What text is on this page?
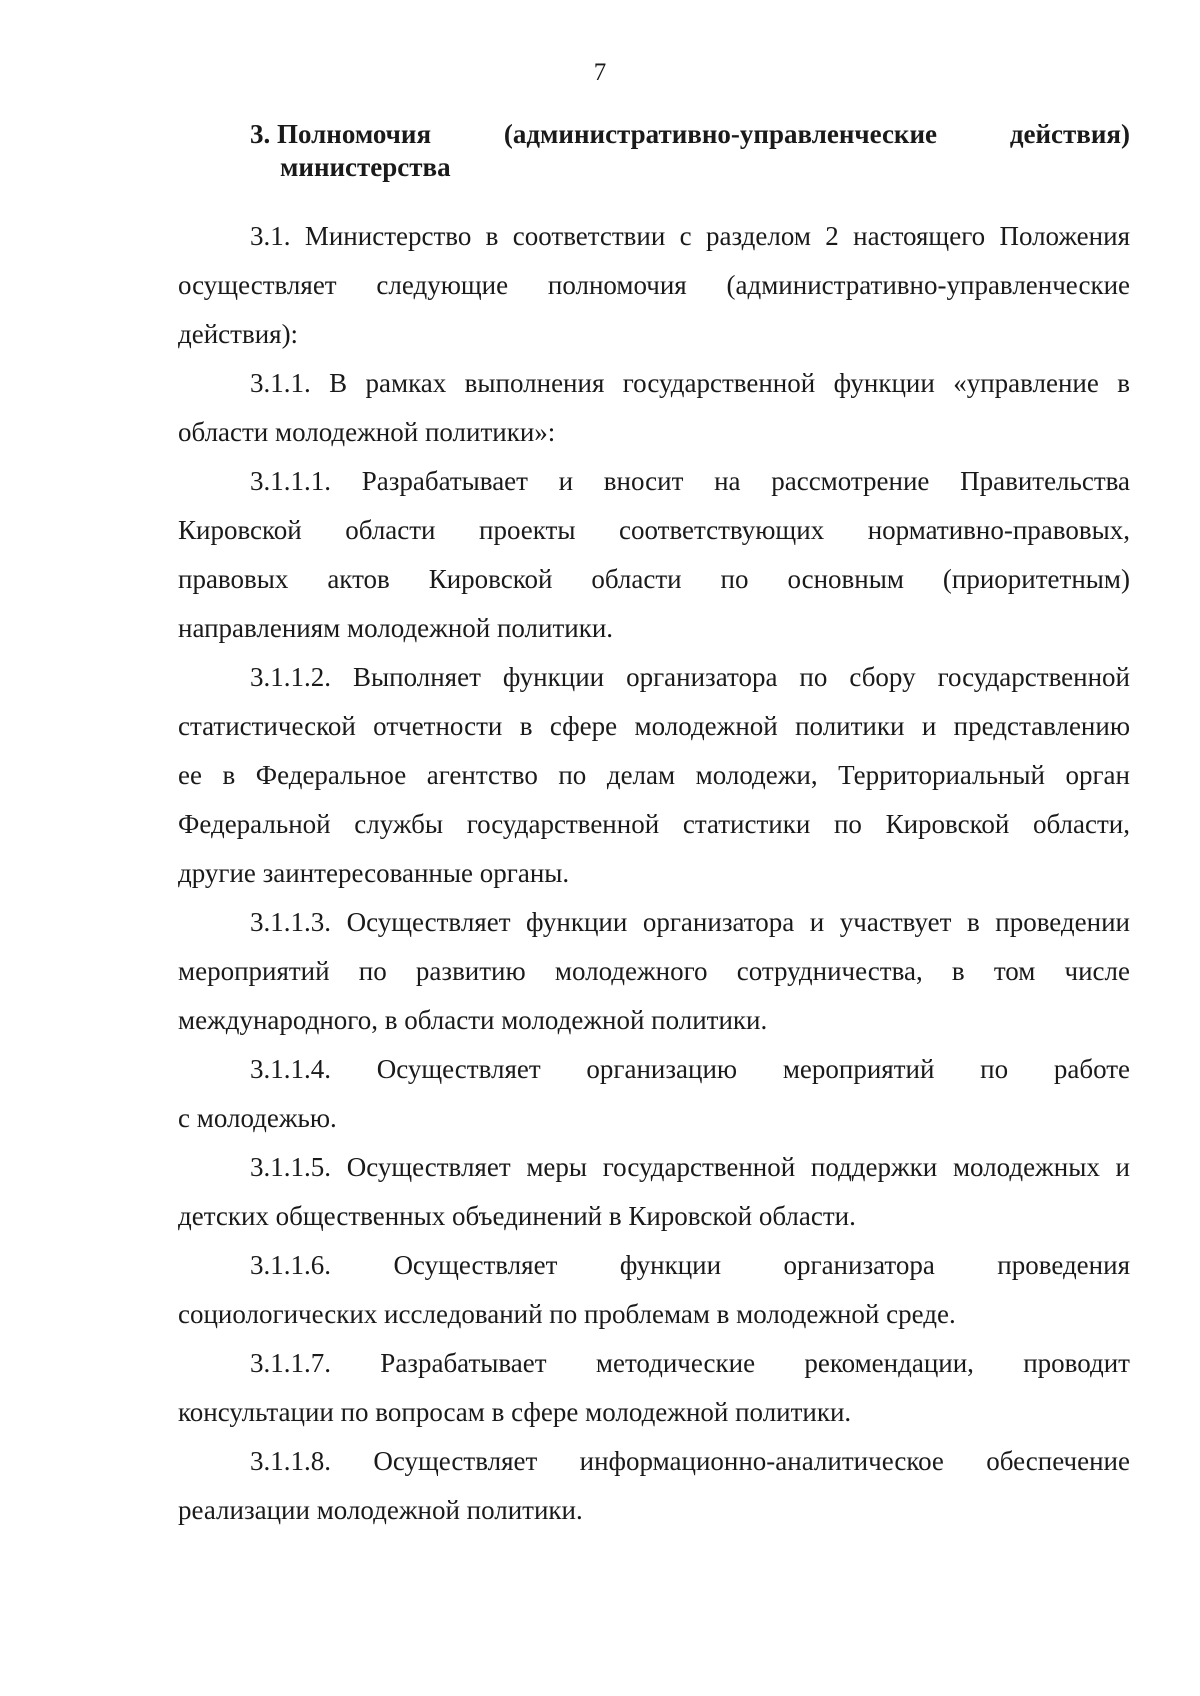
7
3. Полномочия	(административно-управленческие	действия)
министерства
3.1. Министерство в соответствии с разделом 2 настоящего Положения
осуществляет следующие полномочия (административно-управленческие
действия):
3.1.1. В рамках выполнения государственной функции «управление в
области молодежной политики»:
3.1.1.1. Разрабатывает и вносит на рассмотрение Правительства
Кировской области проекты соответствующих нормативно-правовых,
правовых актов Кировской области по основным (приоритетным)
направлениям молодежной политики.
3.1.1.2. Выполняет функции организатора по сбору государственной
статистической отчетности в сфере молодежной политики и представлению
ее в Федеральное агентство по делам молодежи, Территориальный орган
Федеральной службы государственной статистики по Кировской области,
другие заинтересованные органы.
3.1.1.3. Осуществляет функции организатора и участвует в проведении
мероприятий по развитию молодежного сотрудничества, в том числе
международного, в области молодежной политики.
3.1.1.4. Осуществляет организацию мероприятий по работе
с молодежью.
3.1.1.5. Осуществляет меры государственной поддержки молодежных и
детских общественных объединений в Кировской области.
3.1.1.6. Осуществляет функции организатора проведения
социологических исследований по проблемам в молодежной среде.
3.1.1.7. Разрабатывает методические рекомендации, проводит
консультации по вопросам в сфере молодежной политики.
3.1.1.8. Осуществляет информационно-аналитическое обеспечение
реализации молодежной политики.
